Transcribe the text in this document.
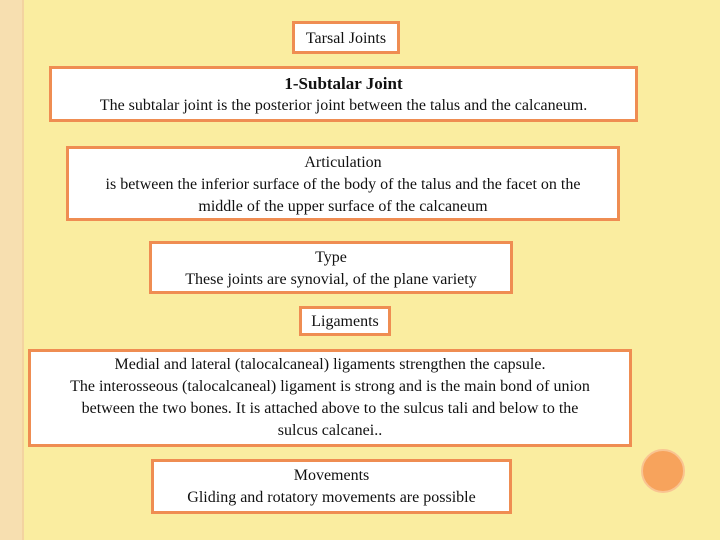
Tarsal Joints
1-Subtalar Joint
The subtalar joint is the posterior joint between the talus and the calcaneum.
Articulation
is between the inferior surface of the body of the talus and the facet on the
middle of the upper surface of the calcaneum
Type
These joints are synovial, of the plane variety
Ligaments
Medial and lateral (talocalcaneal) ligaments strengthen the capsule.
The interosseous (talocalcaneal) ligament is strong and is the main bond of union
between the two bones. It is attached above to the sulcus tali and below to the
sulcus calcanei..
Movements
Gliding and rotatory movements are possible
